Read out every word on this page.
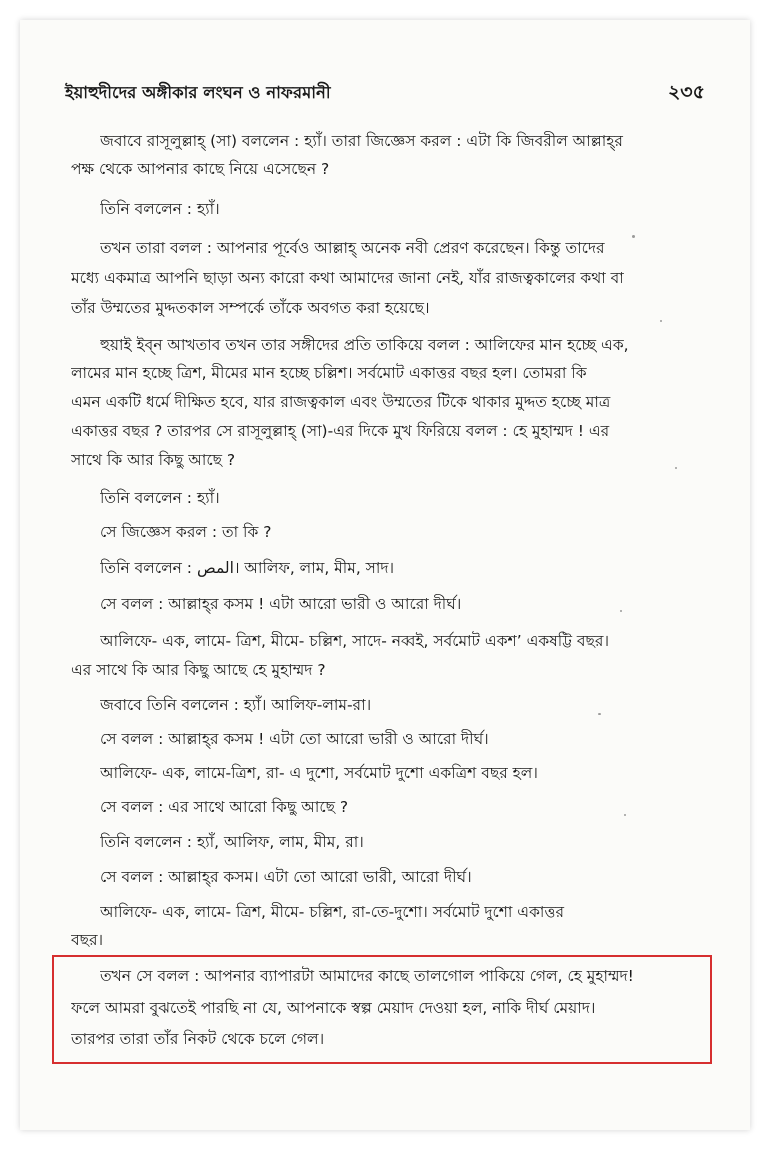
ইয়াহুদীদের অঙ্গীকার লংঘন ও নাফরমানী	২৩৫
জবাবে রাসূলুল্লাহ্ (সা) বললেন : হ্যাঁ। তারা জিজ্ঞেস করল : এটা কি জিবরীল আল্লাহ্‌র
পক্ষ থেকে আপনার কাছে নিয়ে এসেছেন ?
তিনি বললেন : হ্যাঁ।
তখন তারা বলল : আপনার পূর্বেও আল্লাহ্ অনেক নবী প্রেরণ করেছেন। কিন্তু তাদের
মধ্যে একমাত্র আপনি ছাড়া অন্য কারো কথা আমাদের জানা নেই, যাঁর রাজত্বকালের কথা বা
তাঁর উম্মতের মুদ্দতকাল সম্পর্কে তাঁকে অবগত করা হয়েছে।
হুয়াই ইব্ন আখতাব তখন তার সঙ্গীদের প্রতি তাকিয়ে বলল : আলিফের মান হচ্ছে এক,
লামের মান হচ্ছে ত্রিশ, মীমের মান হচ্ছে চল্লিশ। সর্বমোট একাত্তর বছর হল। তোমরা কি
এমন একটি ধর্মে দীক্ষিত হবে, যার রাজত্বকাল এবং উম্মতের টিকে থাকার মুদ্দত হচ্ছে মাত্র
একাত্তর বছর ? তারপর সে রাসূলুল্লাহ্ (সা)-এর দিকে মুখ ফিরিয়ে বলল : হে মুহাম্মদ ! এর
সাথে কি আর কিছু আছে ?
তিনি বললেন : হ্যাঁ।
সে জিজ্ঞেস করল : তা কি ?
তিনি বললেন : المص। আলিফ, লাম, মীম, সাদ।
সে বলল : আল্লাহ্‌র কসম ! এটা আরো ভারী ও আরো দীর্ঘ।
আলিফে- এক, লামে- ত্রিশ, মীমে- চল্লিশ, সাদে- নব্বই, সর্বমোট একশ’ একষট্টি বছর।
এর সাথে কি আর কিছু আছে হে মুহাম্মদ ?
জবাবে তিনি বললেন : হ্যাঁ। আলিফ-লাম-রা।
সে বলল : আল্লাহ্‌র কসম ! এটা তো আরো ভারী ও আরো দীর্ঘ।
আলিফে- এক, লামে-ত্রিশ, রা- এ দুশো, সর্বমোট দুশো একত্রিশ বছর হল।
সে বলল : এর সাথে আরো কিছু আছে ?
তিনি বললেন : হ্যাঁ, আলিফ, লাম, মীম, রা।
সে বলল : আল্লাহ্‌র কসম। এটা তো আরো ভারী, আরো দীর্ঘ।
আলিফে- এক, লামে- ত্রিশ, মীমে- চল্লিশ, রা-তে-দুশো। সর্বমোট দুশো একাত্তর
বছর।
তখন সে বলল : আপনার ব্যাপারটা আমাদের কাছে তালগোল পাকিয়ে গেল, হে মুহাম্মদ!
ফলে আমরা বুঝতেই পারছি না যে, আপনাকে স্বল্প মেয়াদ দেওয়া হল, নাকি দীর্ঘ মেয়াদ।
তারপর তারা তাঁর নিকট থেকে চলে গেল।
